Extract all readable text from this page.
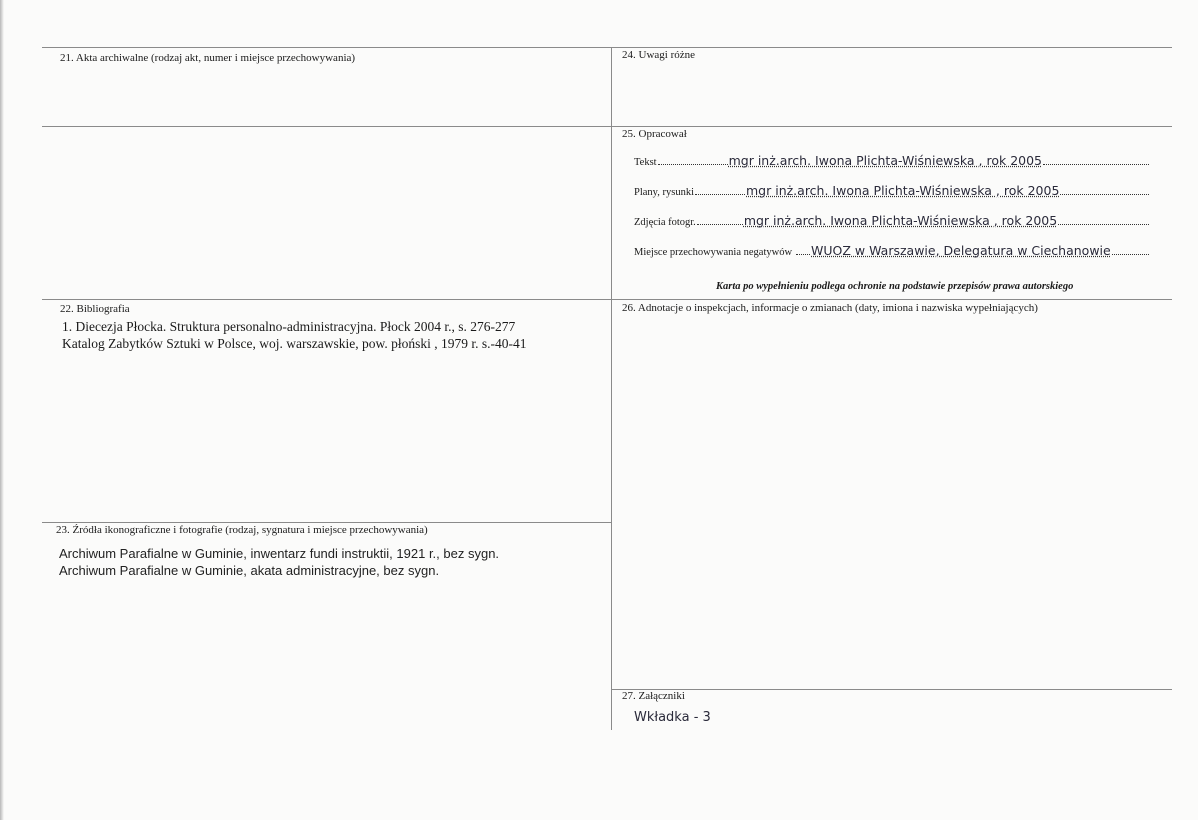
21. Akta archiwalne (rodzaj akt, numer i miejsce przechowywania)	24. Uwagi różne
25. Opracował
Tekst	mgr inż.arch. Iwona Plichta-Wiśniewska , rok 2005
Plany, rysunki	mgr inż.arch. Iwona Plichta-Wiśniewska , rok 2005
Zdjęcia fotogr.	mgr inż.arch. Iwona Plichta-Wiśniewska , rok 2005
Miejsce przechowywania negatywów WUOZ w Warszawie, Delegatura w Ciechanowie
Karta po wypełnieniu podlega ochronie na podstawie przepisów prawa autorskiego
22. Bibliografia
1. Diecezja Płocka. Struktura personalno-administracyjna. Płock 2004 r., s. 276-277
Katalog Zabytków Sztuki w Polsce, woj. warszawskie, pow. płoński , 1979 r. s.-40-41
26. Adnotacje o inspekcjach, informacje o zmianach (daty, imiona i nazwiska wypełniających)
23. Źródła ikonograficzne i fotografie (rodzaj, sygnatura i miejsce przechowywania)
Archiwum Parafialne w Guminie, inwentarz fundi instruktii, 1921 r., bez sygn.
Archiwum Parafialne w Guminie, akata administracyjne, bez sygn.
27. Załączniki
Wkładka - 3
